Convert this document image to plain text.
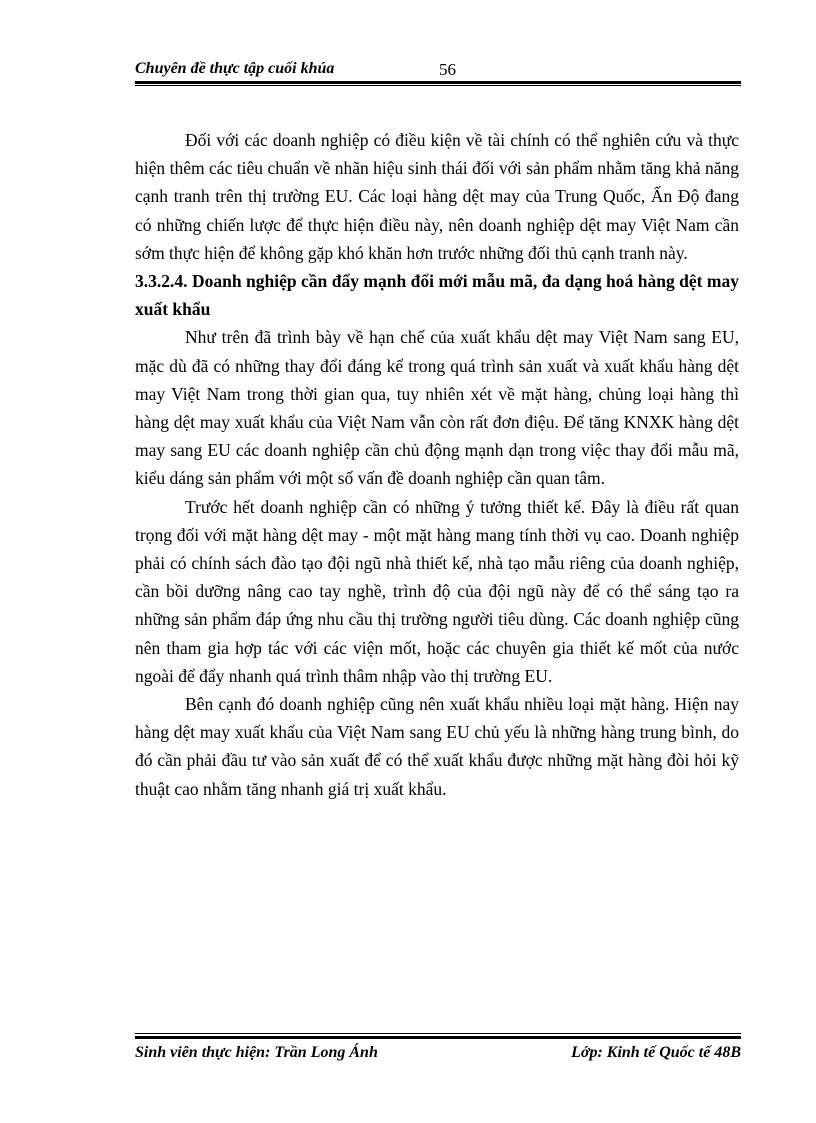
Chuyên đề thực tập cuối khúa	56

Đối với các doanh nghiệp có điều kiện về tài chính có thể nghiên cứu và thực hiện thêm các tiêu chuẩn về nhãn hiệu sinh thái đối với sản phẩm nhằm tăng khả năng cạnh tranh trên thị trường EU. Các loại hàng dệt may của Trung Quốc, Ấn Độ đang có những chiến lược để thực hiện điều này, nên doanh nghiệp dệt may Việt Nam cần sớm thực hiện để không gặp khó khăn hơn trước những đối thủ cạnh tranh này.

3.3.2.4. Doanh nghiệp cần đẩy mạnh đổi mới mẫu mã, đa dạng hoá hàng dệt may xuất khẩu

Như trên đã trình bày về hạn chế của xuất khẩu dệt may Việt Nam sang EU, mặc dù đã có những thay đổi đáng kể trong quá trình sản xuất và xuất khẩu hàng dệt may Việt Nam trong thời gian qua, tuy nhiên xét về mặt hàng, chủng loại hàng thì hàng dệt may xuất khẩu của Việt Nam vẫn còn rất đơn điệu. Để tăng KNXK hàng dệt may sang EU các doanh nghiệp cần chủ động mạnh dạn trong việc thay đổi mẫu mã, kiểu dáng sản phẩm với một số vấn đề doanh nghiệp cần quan tâm.

Trước hết doanh nghiệp cần có những ý tưởng thiết kế. Đây là điều rất quan trọng đối với mặt hàng dệt may - một mặt hàng mang tính thời vụ cao. Doanh nghiệp phải có chính sách đào tạo đội ngũ nhà thiết kế, nhà tạo mẫu riêng của doanh nghiệp, cần bồi dưỡng nâng cao tay nghề, trình độ của đội ngũ này để có thể sáng tạo ra những sản phẩm đáp ứng nhu cầu thị trường người tiêu dùng. Các doanh nghiệp cũng nên tham gia hợp tác với các viện mốt, hoặc các chuyên gia thiết kế mốt của nước ngoài để đẩy nhanh quá trình thâm nhập vào thị trường EU.

Bên cạnh đó doanh nghiệp cũng nên xuất khẩu nhiều loại mặt hàng. Hiện nay hàng dệt may xuất khẩu của Việt Nam sang EU chủ yếu là những hàng trung bình, do đó cần phải đầu tư vào sản xuất để có thể xuất khẩu được những mặt hàng đòi hỏi kỹ thuật cao nhằm tăng nhanh giá trị xuất khẩu.

Sinh viên thực hiện: Trần Long Ánh	Lớp: Kinh tế Quốc tế 48B
